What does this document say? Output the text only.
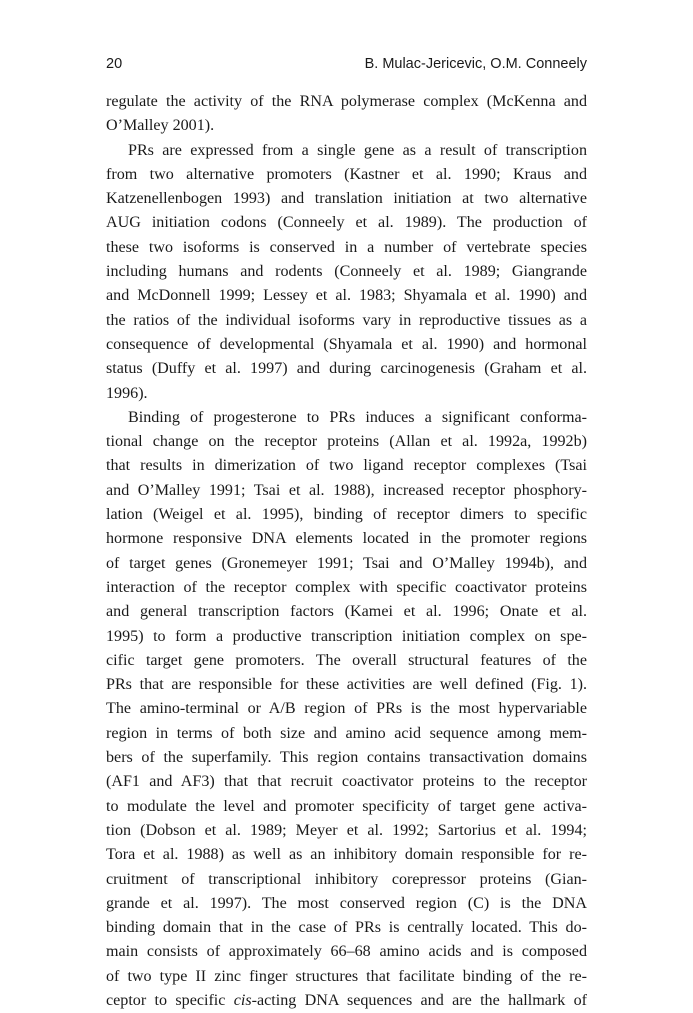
20	B. Mulac-Jericevic, O.M. Conneely
regulate the activity of the RNA polymerase complex (McKenna and
O’Malley 2001).
PRs are expressed from a single gene as a result of transcription
from two alternative promoters (Kastner et al. 1990; Kraus and
Katzenellenbogen 1993) and translation initiation at two alternative
AUG initiation codons (Conneely et al. 1989). The production of
these two isoforms is conserved in a number of vertebrate species
including humans and rodents (Conneely et al. 1989; Giangrande
and McDonnell 1999; Lessey et al. 1983; Shyamala et al. 1990) and
the ratios of the individual isoforms vary in reproductive tissues as a
consequence of developmental (Shyamala et al. 1990) and hormonal
status (Duffy et al. 1997) and during carcinogenesis (Graham et al.
1996).
Binding of progesterone to PRs induces a significant conforma-
tional change on the receptor proteins (Allan et al. 1992a, 1992b)
that results in dimerization of two ligand receptor complexes (Tsai
and O’Malley 1991; Tsai et al. 1988), increased receptor phosphory-
lation (Weigel et al. 1995), binding of receptor dimers to specific
hormone responsive DNA elements located in the promoter regions
of target genes (Gronemeyer 1991; Tsai and O’Malley 1994b), and
interaction of the receptor complex with specific coactivator proteins
and general transcription factors (Kamei et al. 1996; Onate et al.
1995) to form a productive transcription initiation complex on spe-
cific target gene promoters. The overall structural features of the
PRs that are responsible for these activities are well defined (Fig. 1).
The amino-terminal or A/B region of PRs is the most hypervariable
region in terms of both size and amino acid sequence among mem-
bers of the superfamily. This region contains transactivation domains
(AF1 and AF3) that that recruit coactivator proteins to the receptor
to modulate the level and promoter specificity of target gene activa-
tion (Dobson et al. 1989; Meyer et al. 1992; Sartorius et al. 1994;
Tora et al. 1988) as well as an inhibitory domain responsible for re-
cruitment of transcriptional inhibitory corepressor proteins (Gian-
grande et al. 1997). The most conserved region (C) is the DNA
binding domain that in the case of PRs is centrally located. This do-
main consists of approximately 66–68 amino acids and is composed
of two type II zinc finger structures that facilitate binding of the re-
ceptor to specific cis-acting DNA sequences and are the hallmark of
